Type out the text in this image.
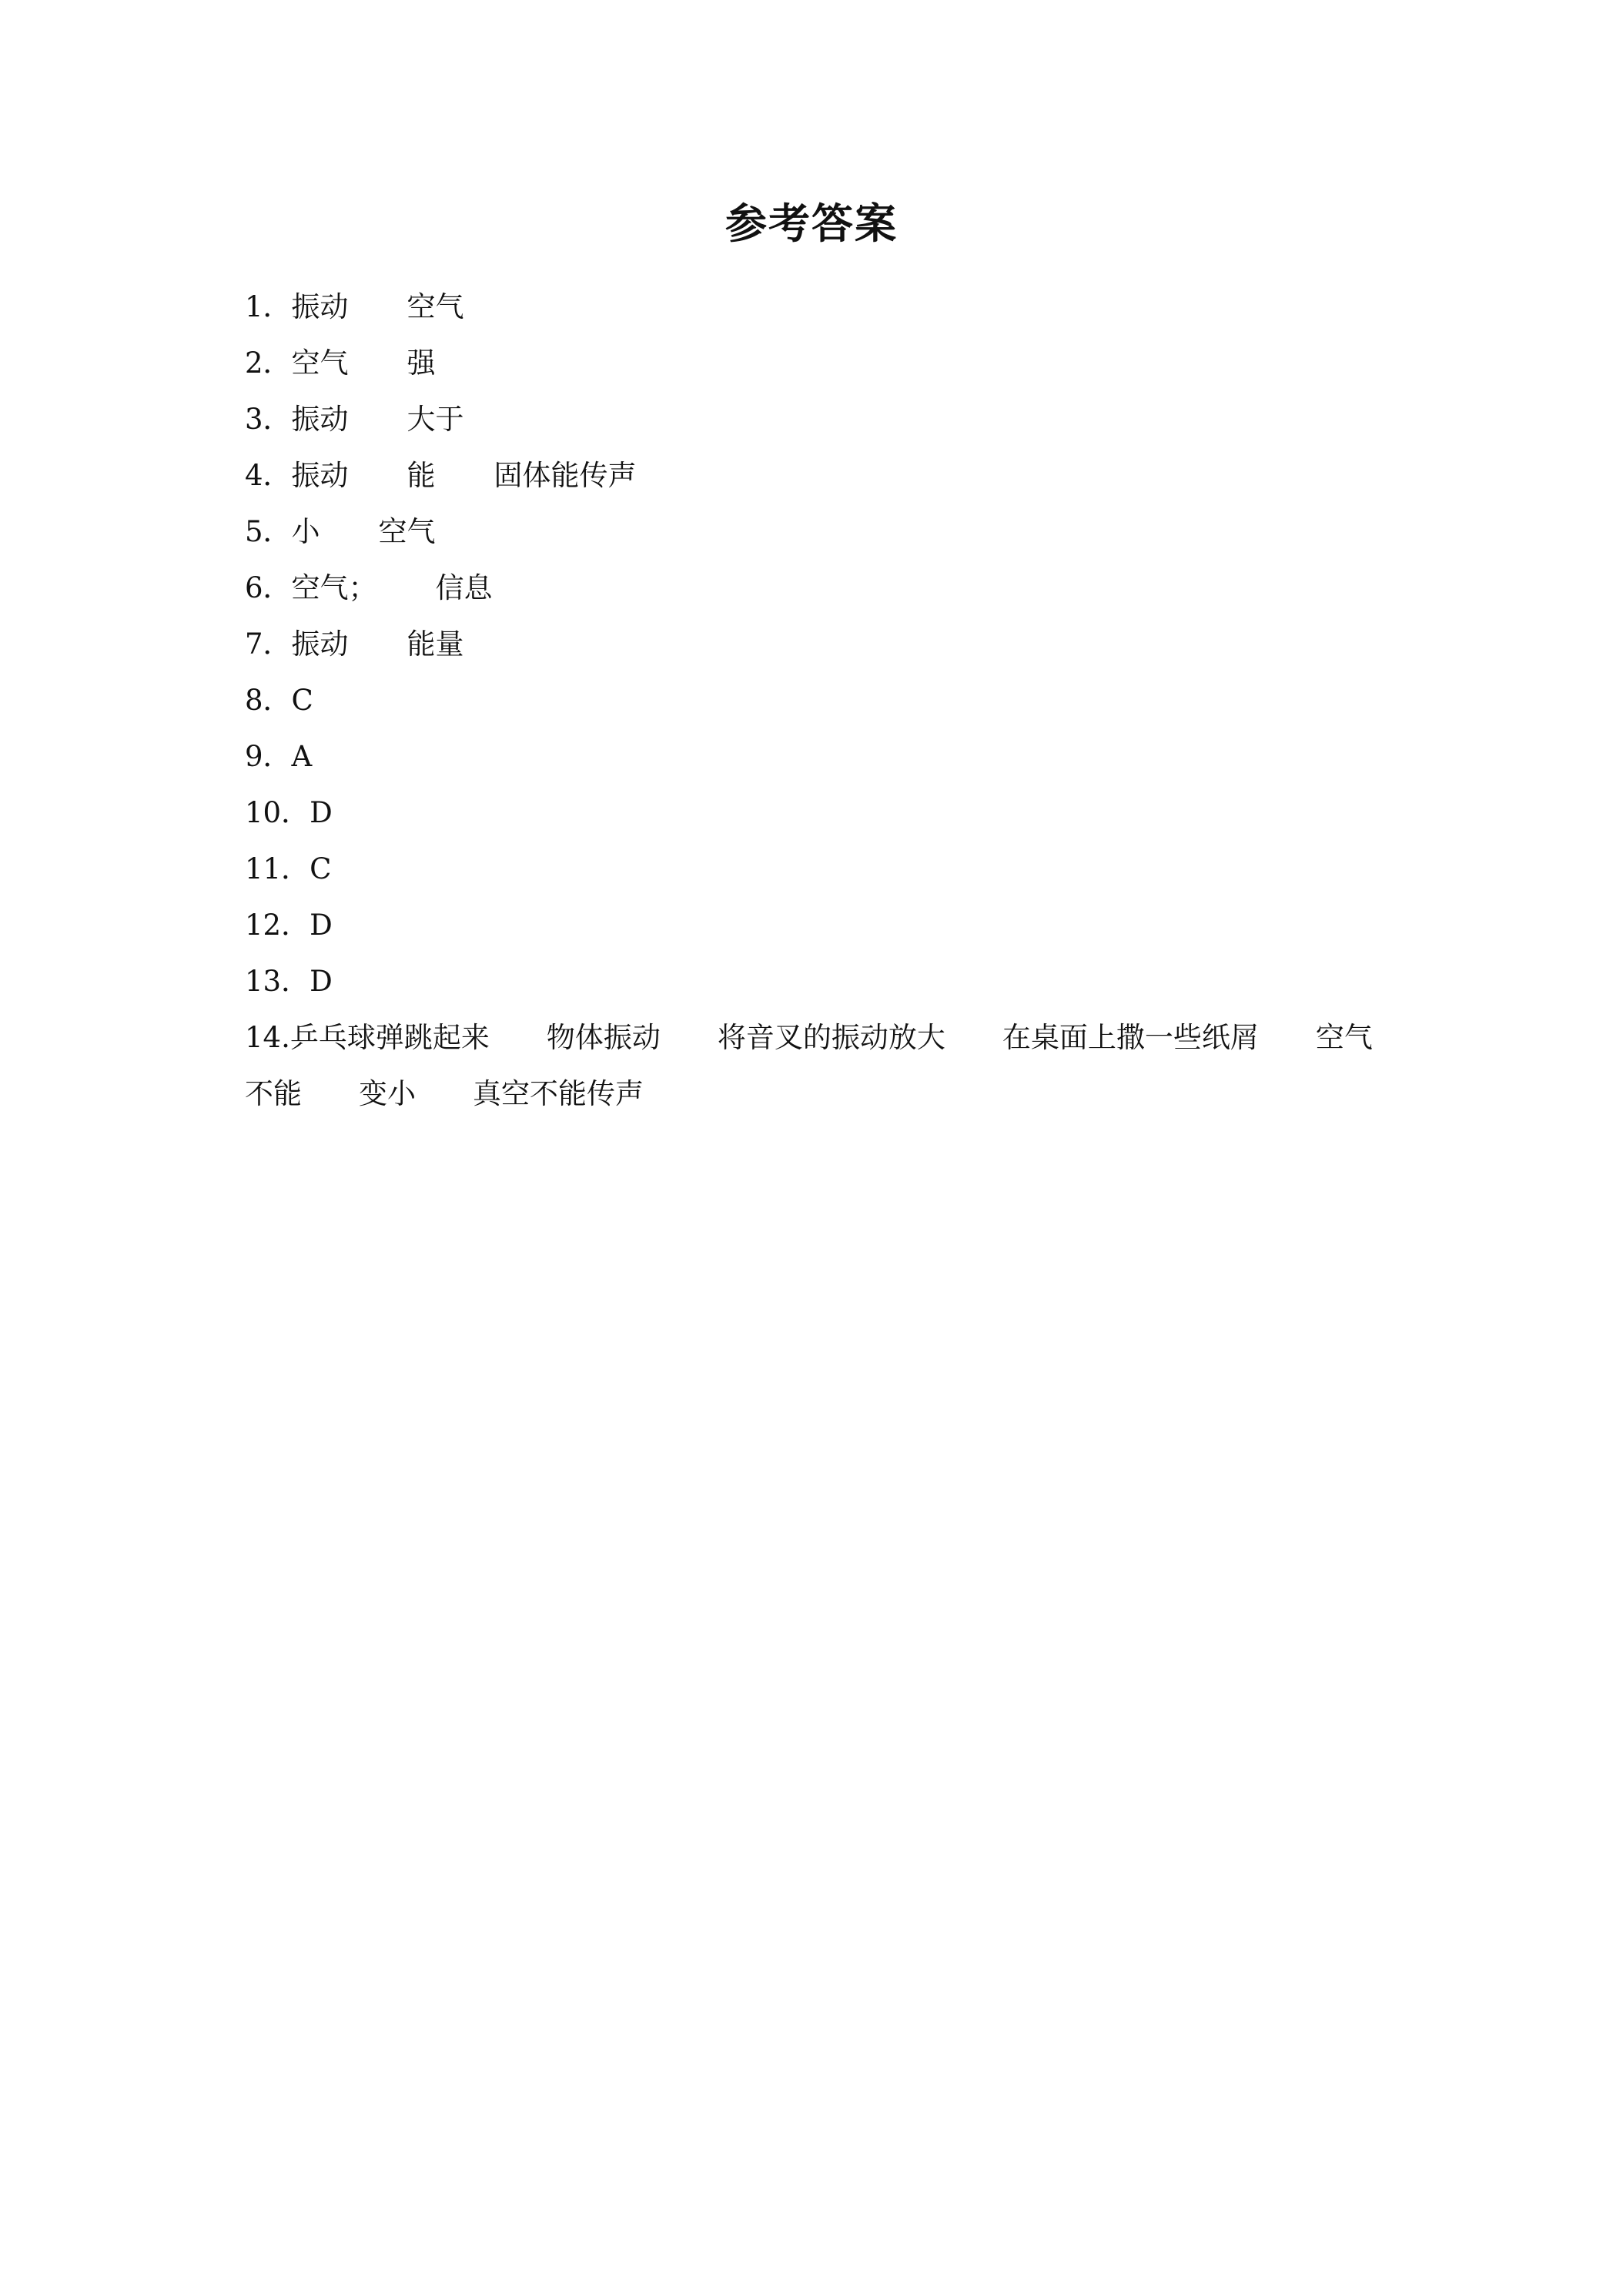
参考答案
1．振动 空气
2．空气 强
3．振动 大于
4．振动 能 固体能传声
5．小 空气
6．空气； 信息
7．振动 能量
8．C
9．A
10．D
11．C
12．D
13．D
14.乒乓球弹跳起来 物体振动 将音叉的振动放大 在桌面上撒一些纸屑 空气
不能 变小 真空不能传声
